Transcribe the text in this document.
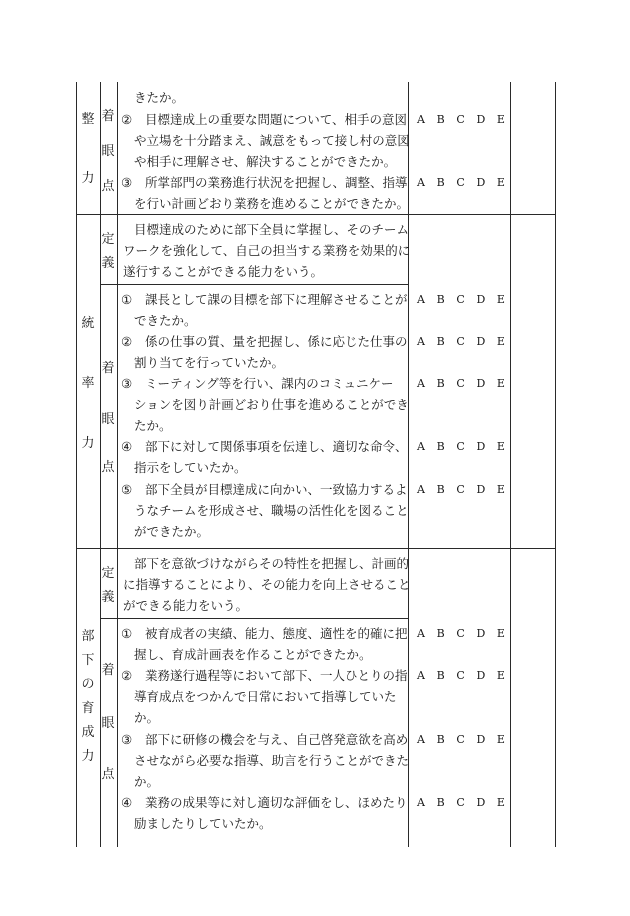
整
力
着
眼
点
きたか。
② 目標達成上の重要な問題について、相手の意図
や立場を十分踏まえ、誠意をもって接し村の意図
や相手に理解させ、解決することができたか。
A B C D E
③ 所掌部門の業務進行状況を把握し、調整、指導
を行い計画どおり業務を進めることができたか。
A B C D E
統
率
力
定
義
目標達成のために部下全員に掌握し、そのチーム
ワークを強化して、自己の担当する業務を効果的に
遂行することができる能力をいう。
着
眼
点
① 課長として課の目標を部下に理解させることが
できたか。
A B C D E
② 係の仕事の質、量を把握し、係に応じた仕事の
割り当てを行っていたか。
A B C D E
③ ミーティング等を行い、課内のコミュニケー
ションを図り計画どおり仕事を進めることができ
たか。
A B C D E
④ 部下に対して関係事項を伝達し、適切な命令、
指示をしていたか。
A B C D E
⑤ 部下全員が目標達成に向かい、一致協力するよ
うなチームを形成させ、職場の活性化を図ること
ができたか。
A B C D E
部
下
の
育
成
力
定
義
部下を意欲づけながらその特性を把握し、計画的
に指導することにより、その能力を向上させること
ができる能力をいう。
着
眼
点
① 被育成者の実績、能力、態度、適性を的確に把
握し、育成計画表を作ることができたか。
A B C D E
② 業務遂行過程等において部下、一人ひとりの指
導育成点をつかんで日常において指導していた
か。
A B C D E
③ 部下に研修の機会を与え、自己啓発意欲を高め
させながら必要な指導、助言を行うことができた
か。
A B C D E
④ 業務の成果等に対し適切な評価をし、ほめたり
励ましたりしていたか。
A B C D E
